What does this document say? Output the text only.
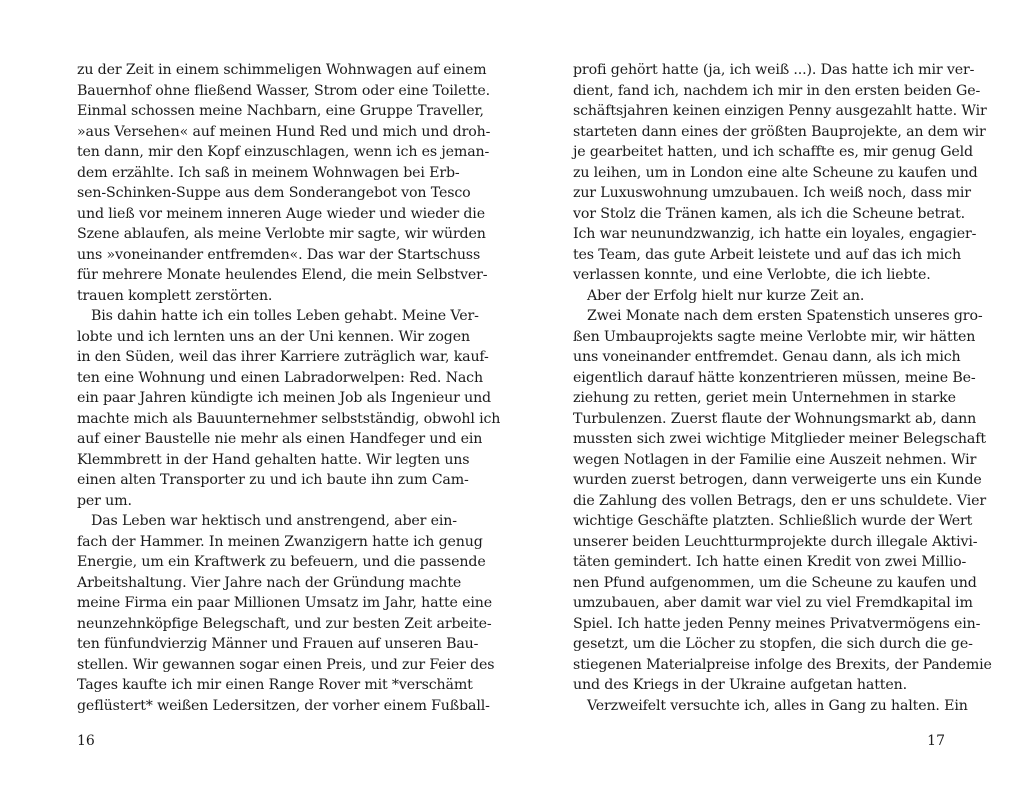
zu der Zeit in einem schimmeligen Wohnwagen auf einem
Bauernhof ohne fließend Wasser, Strom oder eine Toilette.
Einmal schossen meine Nachbarn, eine Gruppe Traveller,
»aus Versehen« auf meinen Hund Red und mich und droh-
ten dann, mir den Kopf einzuschlagen, wenn ich es jeman-
dem erzählte. Ich saß in meinem Wohnwagen bei Erb-
sen-Schinken-Suppe aus dem Sonderangebot von Tesco
und ließ vor meinem inneren Auge wieder und wieder die
Szene ablaufen, als meine Verlobte mir sagte, wir würden
uns »voneinander entfremden«. Das war der Startschuss
für mehrere Monate heulendes Elend, die mein Selbstver-
trauen komplett zerstörten.
Bis dahin hatte ich ein tolles Leben gehabt. Meine Ver-
lobte und ich lernten uns an der Uni kennen. Wir zogen
in den Süden, weil das ihrer Karriere zuträglich war, kauf-
ten eine Wohnung und einen Labradorwelpen: Red. Nach
ein paar Jahren kündigte ich meinen Job als Ingenieur und
machte mich als Bauunternehmer selbstständig, obwohl ich
auf einer Baustelle nie mehr als einen Handfeger und ein
Klemmbrett in der Hand gehalten hatte. Wir legten uns
einen alten Transporter zu und ich baute ihn zum Cam-
per um.
Das Leben war hektisch und anstrengend, aber ein-
fach der Hammer. In meinen Zwanzigern hatte ich genug
Energie, um ein Kraftwerk zu befeuern, und die passende
Arbeitshaltung. Vier Jahre nach der Gründung machte
meine Firma ein paar Millionen Umsatz im Jahr, hatte eine
neunzehnköpfige Belegschaft, und zur besten Zeit arbeite-
ten fünfundvierzig Männer und Frauen auf unseren Bau-
stellen. Wir gewannen sogar einen Preis, und zur Feier des
Tages kaufte ich mir einen Range Rover mit *verschämt
geflüstert* weißen Ledersitzen, der vorher einem Fußball-
16
profi gehört hatte (ja, ich weiß ...). Das hatte ich mir ver-
dient, fand ich, nachdem ich mir in den ersten beiden Ge-
schäftsjahren keinen einzigen Penny ausgezahlt hatte. Wir
starteten dann eines der größten Bauprojekte, an dem wir
je gearbeitet hatten, und ich schaffte es, mir genug Geld
zu leihen, um in London eine alte Scheune zu kaufen und
zur Luxuswohnung umzubauen. Ich weiß noch, dass mir
vor Stolz die Tränen kamen, als ich die Scheune betrat.
Ich war neunundzwanzig, ich hatte ein loyales, engagier-
tes Team, das gute Arbeit leistete und auf das ich mich
verlassen konnte, und eine Verlobte, die ich liebte.
Aber der Erfolg hielt nur kurze Zeit an.
Zwei Monate nach dem ersten Spatenstich unseres gro-
ßen Umbauprojekts sagte meine Verlobte mir, wir hätten
uns voneinander entfremdet. Genau dann, als ich mich
eigentlich darauf hätte konzentrieren müssen, meine Be-
ziehung zu retten, geriet mein Unternehmen in starke
Turbulenzen. Zuerst flaute der Wohnungsmarkt ab, dann
mussten sich zwei wichtige Mitglieder meiner Belegschaft
wegen Notlagen in der Familie eine Auszeit nehmen. Wir
wurden zuerst betrogen, dann verweigerte uns ein Kunde
die Zahlung des vollen Betrags, den er uns schuldete. Vier
wichtige Geschäfte platzten. Schließlich wurde der Wert
unserer beiden Leuchtturmprojekte durch illegale Aktivi-
täten gemindert. Ich hatte einen Kredit von zwei Millio-
nen Pfund aufgenommen, um die Scheune zu kaufen und
umzubauen, aber damit war viel zu viel Fremdkapital im
Spiel. Ich hatte jeden Penny meines Privatvermögens ein-
gesetzt, um die Löcher zu stopfen, die sich durch die ge-
stiegenen Materialpreise infolge des Brexits, der Pandemie
und des Kriegs in der Ukraine aufgetan hatten.
Verzweifelt versuchte ich, alles in Gang zu halten. Ein
17
